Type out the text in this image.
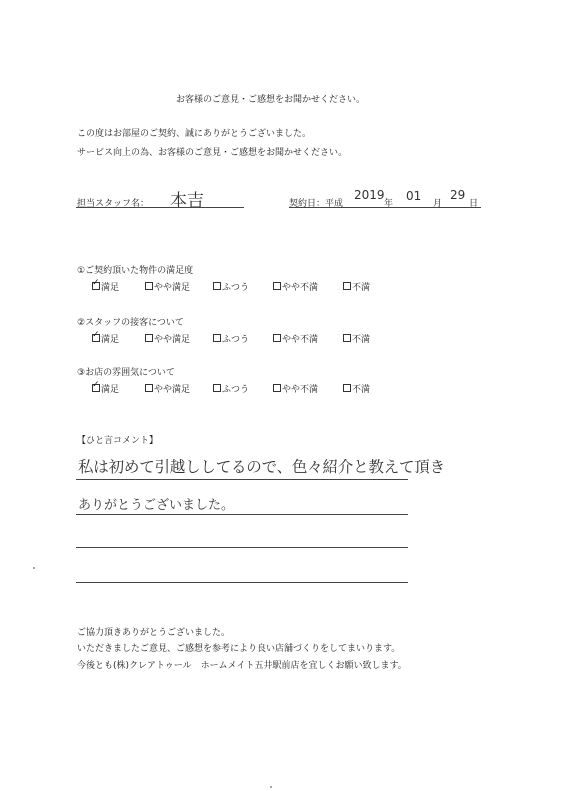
お客様のご意見・ご感想をお聞かせください。
この度はお部屋のご契約、誠にありがとうございました。
サービス向上の為、お客様のご意見・ご感想をお聞かせください。
担当スタッフ名： 本吉	契約日：平成
2019
年
01
月
29
日
①ご契約頂いた物件の満足度
✓満足	やや満足	ふつう	やや不満	不満
②スタッフの接客について
✓満足	やや満足	ふつう	やや不満	不満
③お店の雰囲気について
✓満足	やや満足	ふつう	やや不満	不満
【ひと言コメント】
私は初めて引越ししてるので、色々紹介と教えて頂き
ありがとうございました。
ご協力頂きありがとうございました。
いただきましたご意見、ご感想を参考により良い店舗づくりをしてまいります。
今後とも(株)クレアトゥール　ホームメイト五井駅前店を宜しくお願い致します。
